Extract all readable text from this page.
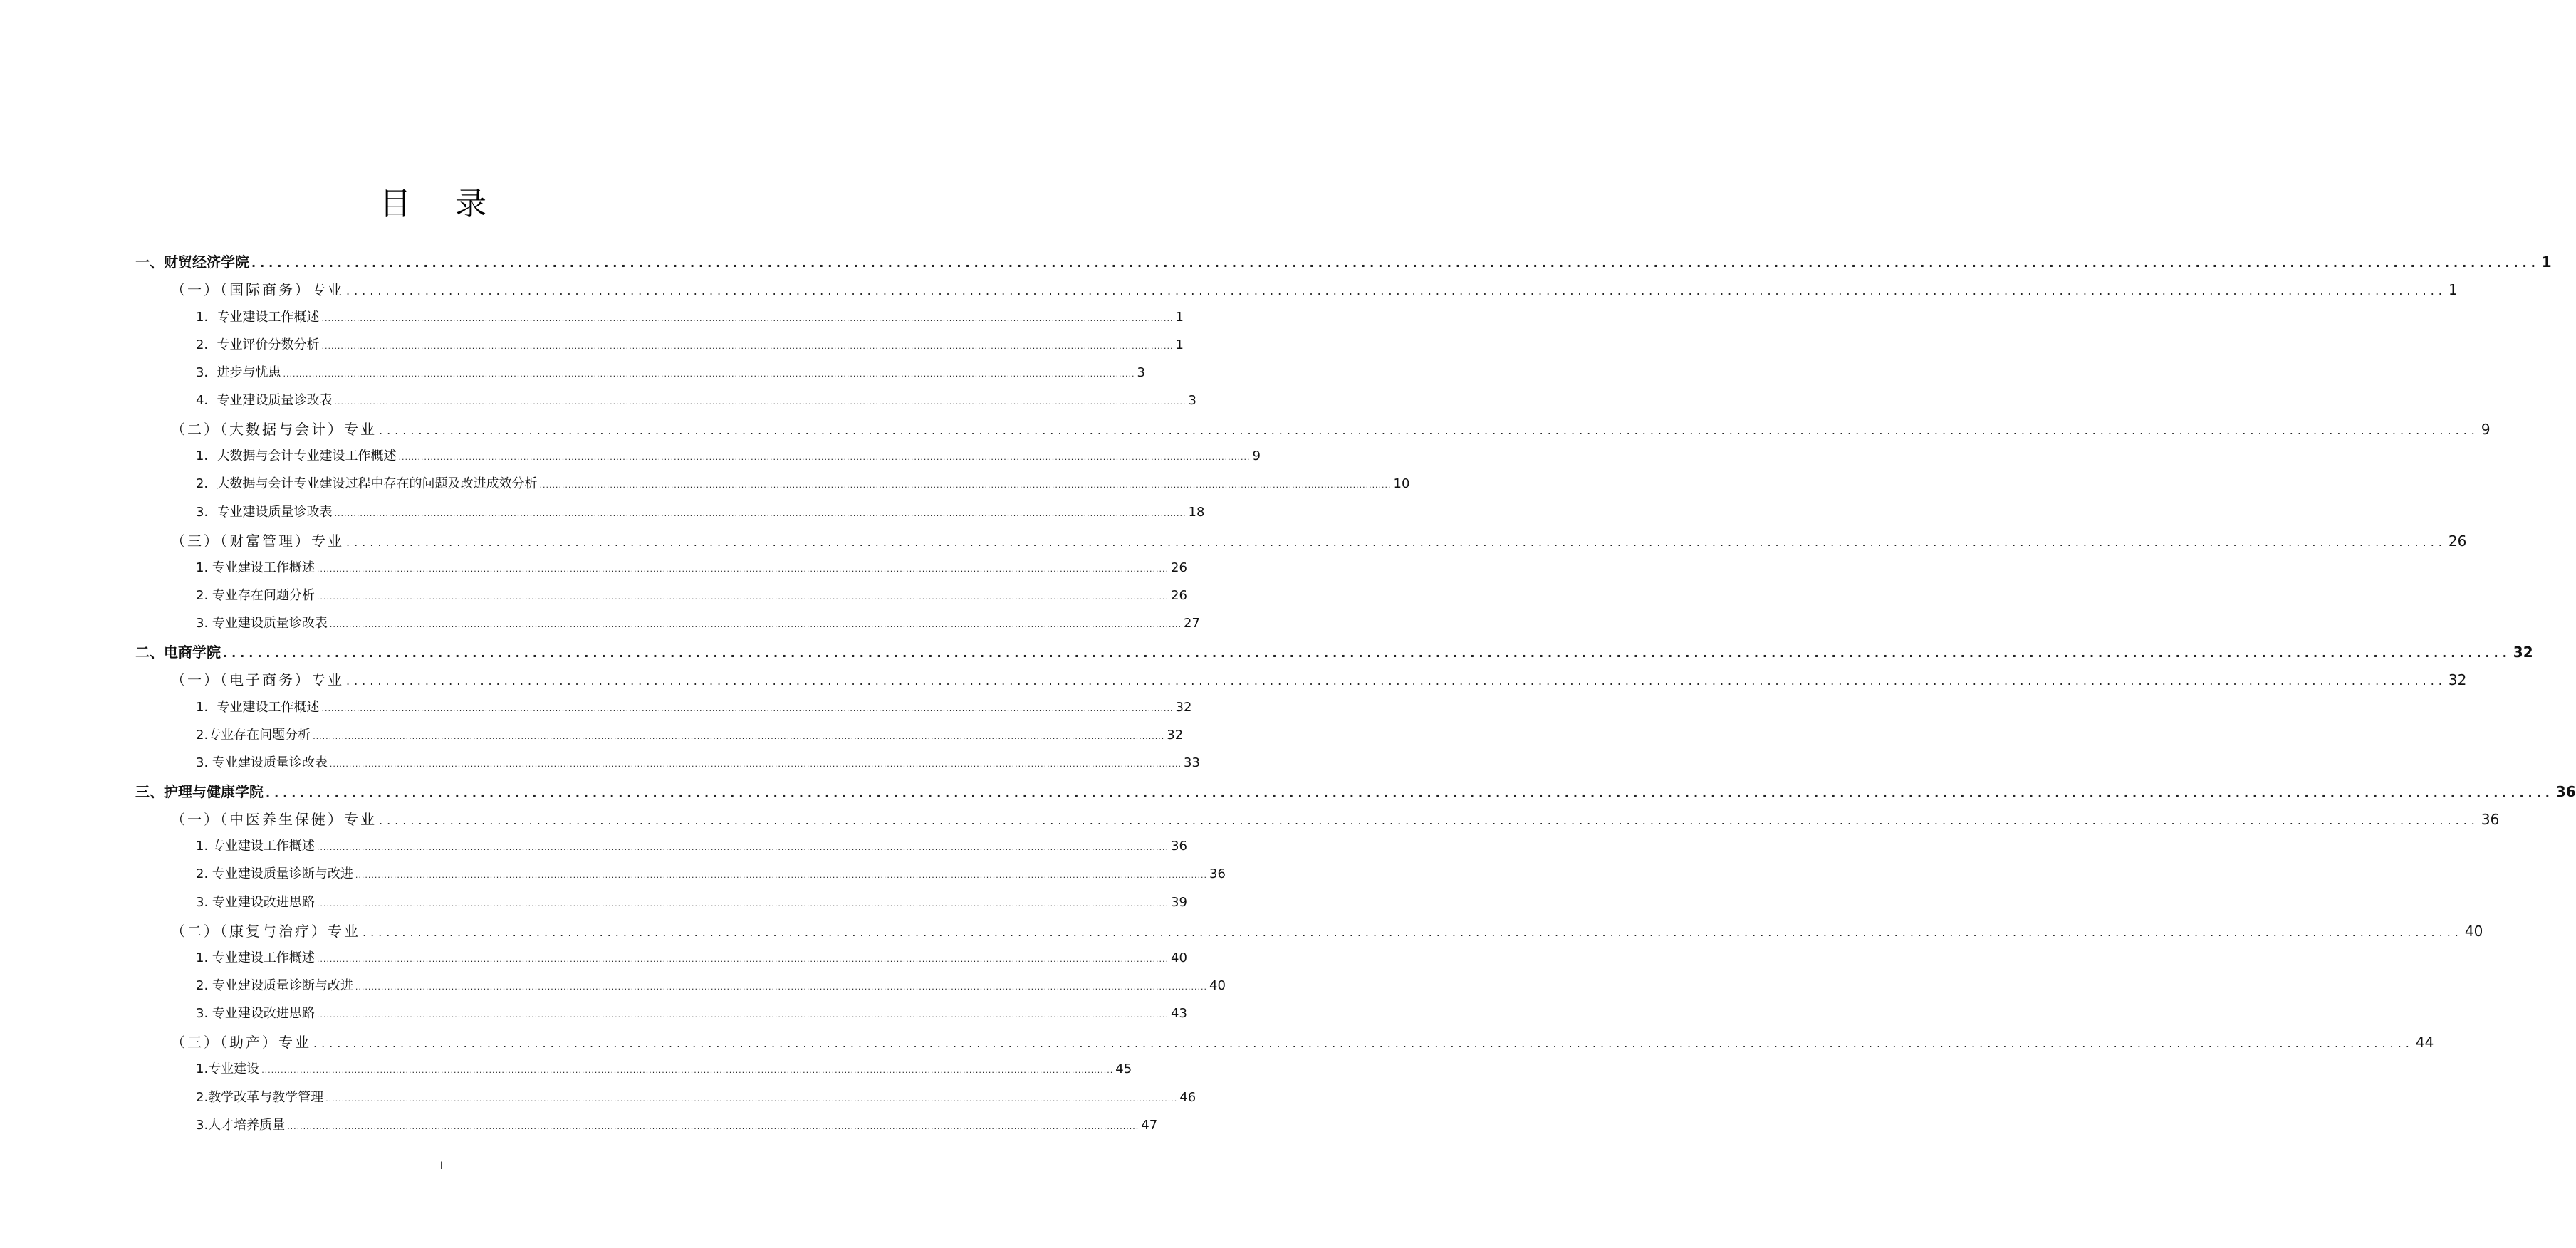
目 录
一、财贸经济学院 .......................................................................................................................................................................................................................................................................... 1
（一）（国际商务）专业 .......................................................................................................................................................................................................................................................................... 1
1．专业建设工作概述 .......................................................................................................................................................................................................................................................................... 1
2．专业评价分数分析 .......................................................................................................................................................................................................................................................................... 1
3．进步与忧患 .......................................................................................................................................................................................................................................................................... 3
4．专业建设质量诊改表 .......................................................................................................................................................................................................................................................................... 3
（二）（大数据与会计）专业 .......................................................................................................................................................................................................................................................................... 9
1．大数据与会计专业建设工作概述 .......................................................................................................................................................................................................................................................................... 9
2．大数据与会计专业建设过程中存在的问题及改进成效分析 .......................................................................................................................................................................................................................................................................... 10
3．专业建设质量诊改表 .......................................................................................................................................................................................................................................................................... 18
（三）（财富管理）专业 .......................................................................................................................................................................................................................................................................... 26
1. 专业建设工作概述 .......................................................................................................................................................................................................................................................................... 26
2. 专业存在问题分析 .......................................................................................................................................................................................................................................................................... 26
3. 专业建设质量诊改表 .......................................................................................................................................................................................................................................................................... 27
二、电商学院 .......................................................................................................................................................................................................................................................................... 32
（一）（电子商务）专业 .......................................................................................................................................................................................................................................................................... 32
1．专业建设工作概述 .......................................................................................................................................................................................................................................................................... 32
2.专业存在问题分析 .......................................................................................................................................................................................................................................................................... 32
3. 专业建设质量诊改表 .......................................................................................................................................................................................................................................................................... 33
三、护理与健康学院 .......................................................................................................................................................................................................................................................................... 36
（一）（中医养生保健）专业 .......................................................................................................................................................................................................................................................................... 36
1. 专业建设工作概述 .......................................................................................................................................................................................................................................................................... 36
2. 专业建设质量诊断与改进 .......................................................................................................................................................................................................................................................................... 36
3. 专业建设改进思路 .......................................................................................................................................................................................................................................................................... 39
（二）（康复与治疗）专业 .......................................................................................................................................................................................................................................................................... 40
1. 专业建设工作概述 .......................................................................................................................................................................................................................................................................... 40
2. 专业建设质量诊断与改进 .......................................................................................................................................................................................................................................................................... 40
3. 专业建设改进思路 .......................................................................................................................................................................................................................................................................... 43
（三）（助产）专业 .......................................................................................................................................................................................................................................................................... 44
1.专业建设 .......................................................................................................................................................................................................................................................................... 45
2.教学改革与教学管理 .......................................................................................................................................................................................................................................................................... 46
3.人才培养质量 .......................................................................................................................................................................................................................................................................... 47
I
